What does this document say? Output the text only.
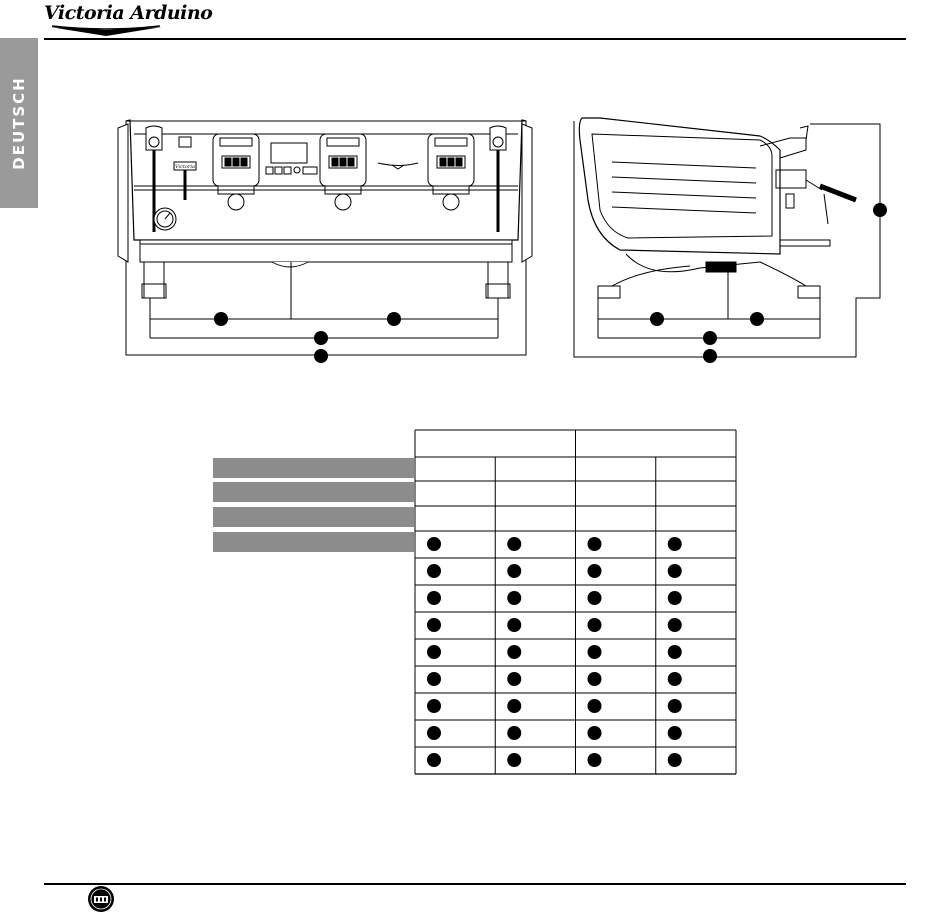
Victoria Arduino
DEUTSCH	Victoria
